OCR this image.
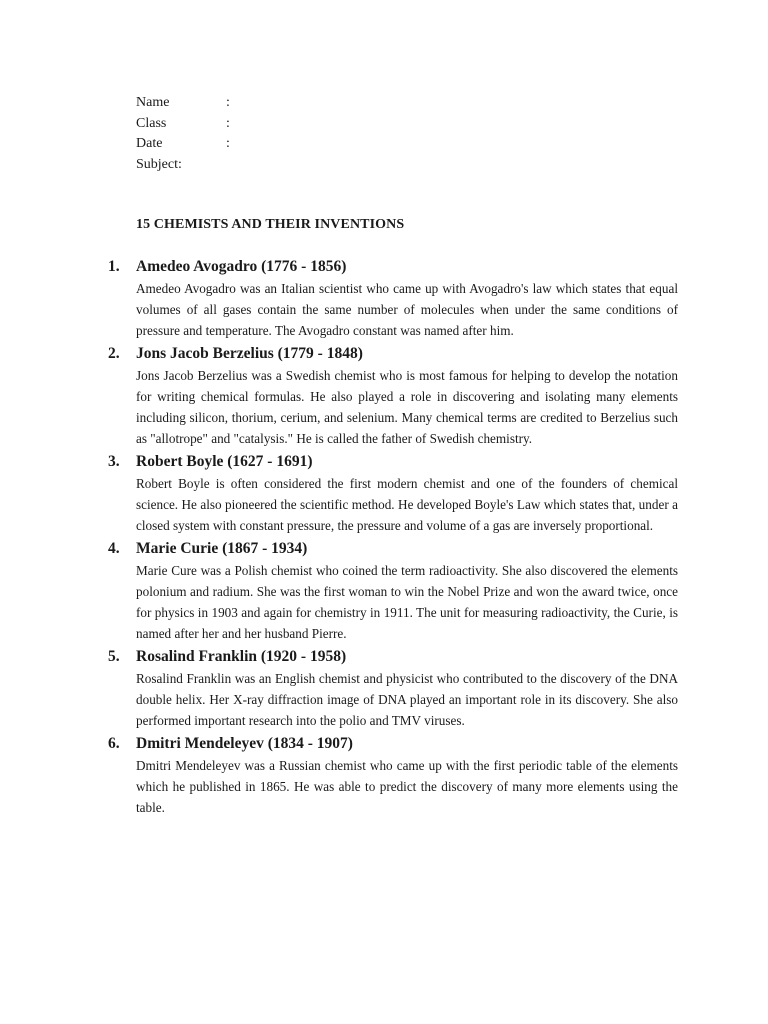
Name	:
Class	:
Date	:
Subject:
15 CHEMISTS AND THEIR INVENTIONS
1.	Amedeo Avogadro (1776 - 1856)
Amedeo Avogadro was an Italian scientist who came up with Avogadro's law which states that equal volumes of all gases contain the same number of molecules when under the same conditions of pressure and temperature. The Avogadro constant was named after him.
2.	Jons Jacob Berzelius (1779 - 1848)
Jons Jacob Berzelius was a Swedish chemist who is most famous for helping to develop the notation for writing chemical formulas. He also played a role in discovering and isolating many elements including silicon, thorium, cerium, and selenium. Many chemical terms are credited to Berzelius such as "allotrope" and "catalysis." He is called the father of Swedish chemistry.
3.	Robert Boyle (1627 - 1691)
Robert Boyle is often considered the first modern chemist and one of the founders of chemical science. He also pioneered the scientific method. He developed Boyle's Law which states that, under a closed system with constant pressure, the pressure and volume of a gas are inversely proportional.
4.	Marie Curie (1867 - 1934)
Marie Cure was a Polish chemist who coined the term radioactivity. She also discovered the elements polonium and radium. She was the first woman to win the Nobel Prize and won the award twice, once for physics in 1903 and again for chemistry in 1911. The unit for measuring radioactivity, the Curie, is named after her and her husband Pierre.
5.	Rosalind Franklin (1920 - 1958)
Rosalind Franklin was an English chemist and physicist who contributed to the discovery of the DNA double helix. Her X-ray diffraction image of DNA played an important role in its discovery. She also performed important research into the polio and TMV viruses.
6.	Dmitri Mendeleyev (1834 - 1907)
Dmitri Mendeleyev was a Russian chemist who came up with the first periodic table of the elements which he published in 1865. He was able to predict the discovery of many more elements using the table.
